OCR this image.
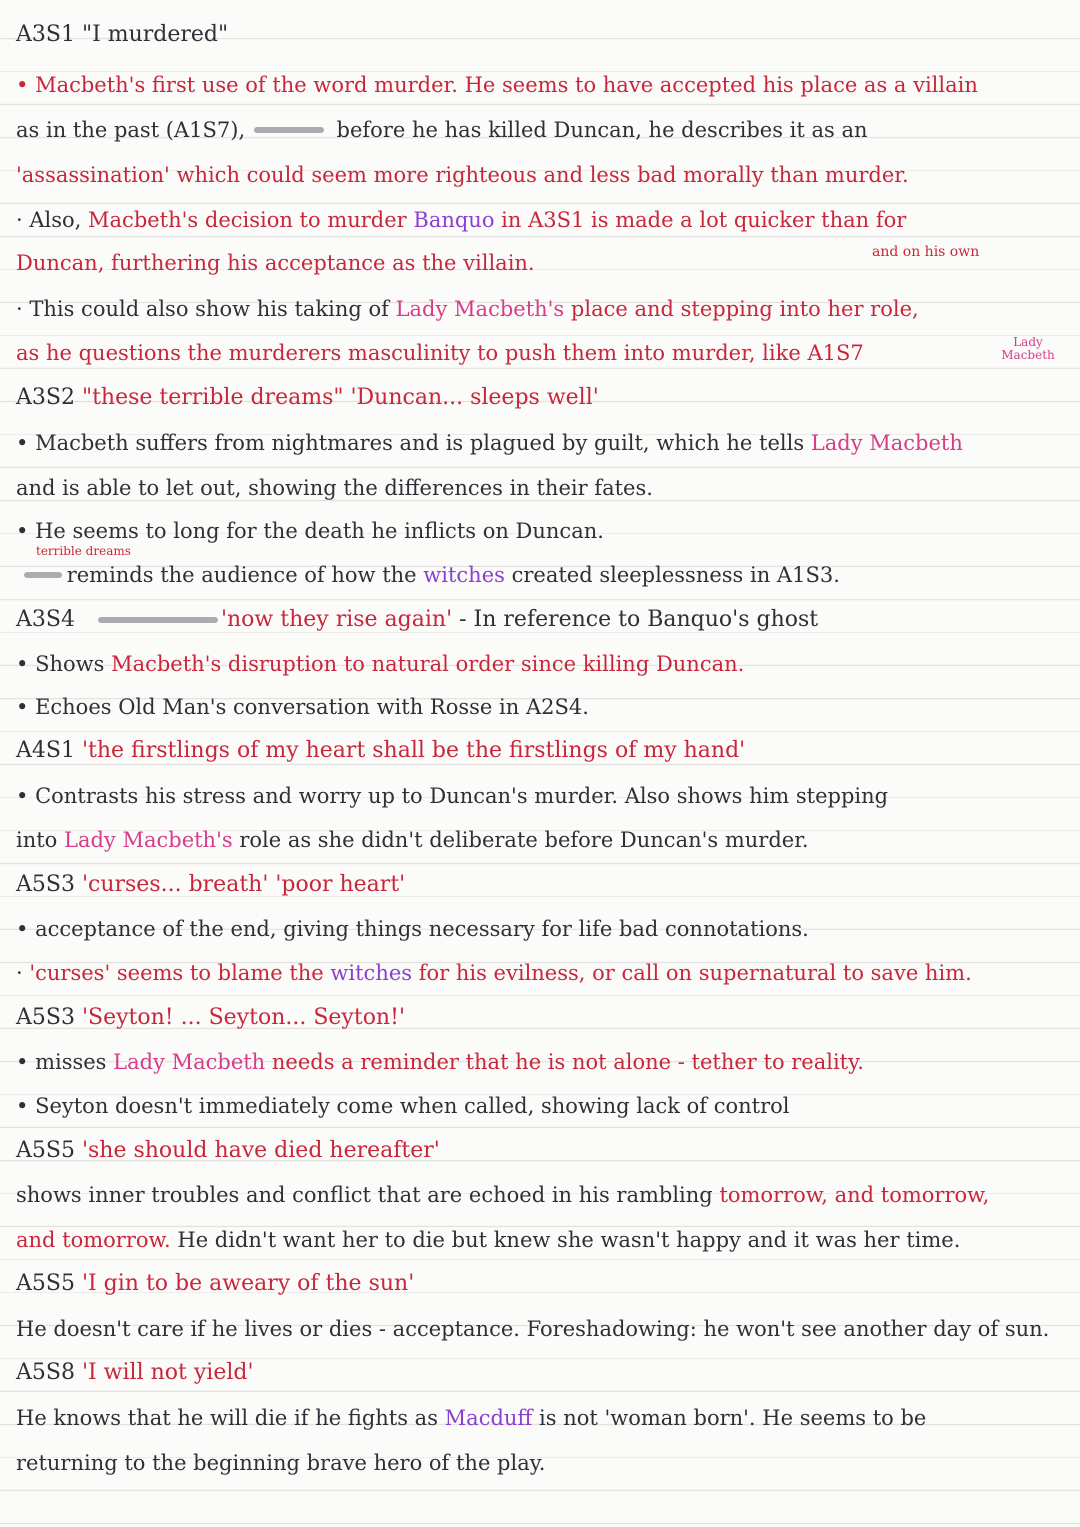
A3S1 "I murdered"
• Macbeth's first use of the word murder. He seems to have accepted his place as a villain
as in the past (A1S7),	before he has killed Duncan, he describes it as an
'assassination' which could seem more righteous and less bad morally than murder.
· Also, Macbeth's decision to murder Banquo in A3S1 is made a lot quicker than for
and on his own
Duncan, furthering his acceptance as the villain.
· This could also show his taking of Lady Macbeth's place and stepping into her role,
as he questions the murderers masculinity to push them into murder, like A1S7	Lady Macbeth
A3S2 "these terrible dreams" 'Duncan... sleeps well'
• Macbeth suffers from nightmares and is plagued by guilt, which he tells Lady Macbeth
and is able to let out, showing the differences in their fates.
• He seems to long for the death he inflicts on Duncan.
terrible dreams
reminds the audience of how the witches created sleeplessness in A1S3.
A3S4	'now they rise again' - In reference to Banquo's ghost
• Shows Macbeth's disruption to natural order since killing Duncan.
• Echoes Old Man's conversation with Rosse in A2S4.
A4S1 'the firstlings of my heart shall be the firstlings of my hand'
• Contrasts his stress and worry up to Duncan's murder. Also shows him stepping
into Lady Macbeth's role as she didn't deliberate before Duncan's murder.
A5S3 'curses... breath' 'poor heart'
• acceptance of the end, giving things necessary for life bad connotations.
· 'curses' seems to blame the witches for his evilness, or call on supernatural to save him.
A5S3 'Seyton! ... Seyton... Seyton!'
• misses Lady Macbeth needs a reminder that he is not alone - tether to reality.
• Seyton doesn't immediately come when called, showing lack of control
A5S5 'she should have died hereafter'
shows inner troubles and conflict that are echoed in his rambling tomorrow, and tomorrow,
and tomorrow. He didn't want her to die but knew she wasn't happy and it was her time.
A5S5 'I gin to be aweary of the sun'
He doesn't care if he lives or dies - acceptance. Foreshadowing: he won't see another day of sun.
A5S8 'I will not yield'
He knows that he will die if he fights as Macduff is not 'woman born'. He seems to be
returning to the beginning brave hero of the play.
